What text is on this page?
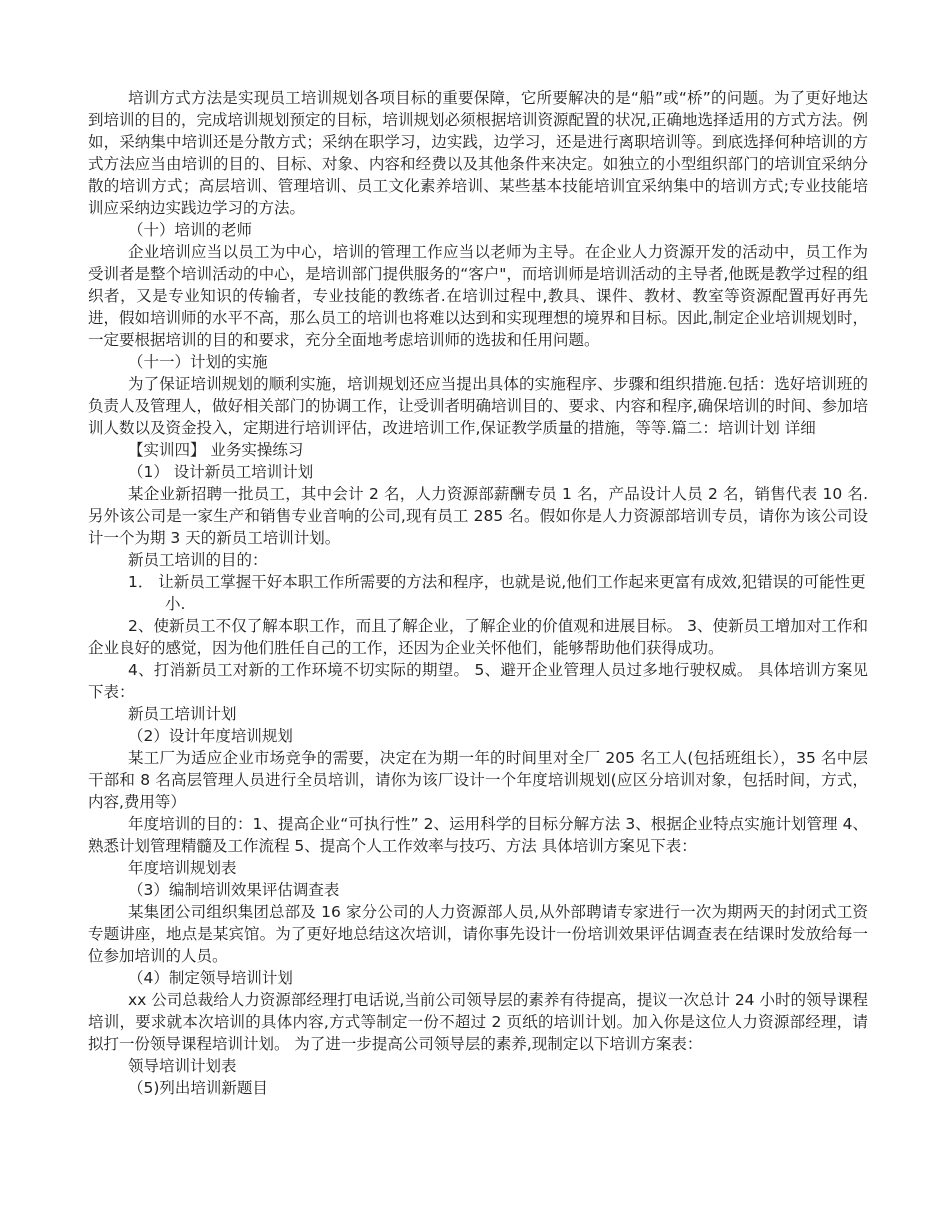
培训方式方法是实现员工培训规划各项目标的重要保障，它所要解决的是“船”或“桥”的问题。为了更好地达到培训的目的，完成培训规划预定的目标，培训规划必须根据培训资源配置的状况,正确地选择适用的方式方法。例如，采纳集中培训还是分散方式；采纳在职学习，边实践，边学习，还是进行离职培训等。到底选择何种培训的方式方法应当由培训的目的、目标、对象、内容和经费以及其他条件来决定。如独立的小型组织部门的培训宜采纳分散的培训方式；高层培训、管理培训、员工文化素养培训、某些基本技能培训宜采纳集中的培训方式;专业技能培训应采纳边实践边学习的方法。

（十）培训的老师

企业培训应当以员工为中心，培训的管理工作应当以老师为主导。在企业人力资源开发的活动中，员工作为受训者是整个培训活动的中心，是培训部门提供服务的“客户"，而培训师是培训活动的主导者,他既是教学过程的组织者，又是专业知识的传输者，专业技能的教练者.在培训过程中,教具、课件、教材、教室等资源配置再好再先进，假如培训师的水平不高，那么员工的培训也将难以达到和实现理想的境界和目标。因此,制定企业培训规划时，一定要根据培训的目的和要求，充分全面地考虑培训师的选拔和任用问题。

（十一）计划的实施

为了保证培训规划的顺利实施，培训规划还应当提出具体的实施程序、步骤和组织措施.包括：选好培训班的负责人及管理人，做好相关部门的协调工作，让受训者明确培训目的、要求、内容和程序,确保培训的时间、参加培训人数以及资金投入，定期进行培训评估，改进培训工作,保证教学质量的措施，等等.篇二：培训计划 详细

【实训四】 业务实操练习

（1） 设计新员工培训计划

某企业新招聘一批员工，其中会计 2 名，人力资源部薪酬专员 1 名，产品设计人员 2 名，销售代表 10 名.另外该公司是一家生产和销售专业音响的公司,现有员工 285 名。假如你是人力资源部培训专员，请你为该公司设计一个为期 3 天的新员工培训计划。

新员工培训的目的：

1． 让新员工掌握干好本职工作所需要的方法和程序，也就是说,他们工作起来更富有成效,犯错误的可能性更小.

2、使新员工不仅了解本职工作，而且了解企业，了解企业的价值观和进展目标。 3、使新员工增加对工作和企业良好的感觉，因为他们胜任自己的工作，还因为企业关怀他们，能够帮助他们获得成功。

4、打消新员工对新的工作环境不切实际的期望。 5、避开企业管理人员过多地行驶权威。 具体培训方案见下表：

新员工培训计划

（2）设计年度培训规划

某工厂为适应企业市场竞争的需要，决定在为期一年的时间里对全厂 205 名工人(包括班组长），35 名中层干部和 8 名高层管理人员进行全员培训，请你为该厂设计一个年度培训规划(应区分培训对象，包括时间，方式，内容,费用等）

年度培训的目的：1、提高企业“可执行性” 2、运用科学的目标分解方法 3、根据企业特点实施计划管理 4、熟悉计划管理精髓及工作流程 5、提高个人工作效率与技巧、方法 具体培训方案见下表：

年度培训规划表

（3）编制培训效果评估调查表

某集团公司组织集团总部及 16 家分公司的人力资源部人员,从外部聘请专家进行一次为期两天的封闭式工资专题讲座，地点是某宾馆。为了更好地总结这次培训，请你事先设计一份培训效果评估调查表在结课时发放给每一位参加培训的人员。

（4）制定领导培训计划

xx 公司总裁给人力资源部经理打电话说,当前公司领导层的素养有待提高，提议一次总计 24 小时的领导课程培训，要求就本次培训的具体内容,方式等制定一份不超过 2 页纸的培训计划。加入你是这位人力资源部经理，请拟打一份领导课程培训计划。 为了进一步提高公司领导层的素养,现制定以下培训方案表：

领导培训计划表

（5)列出培训新题目
